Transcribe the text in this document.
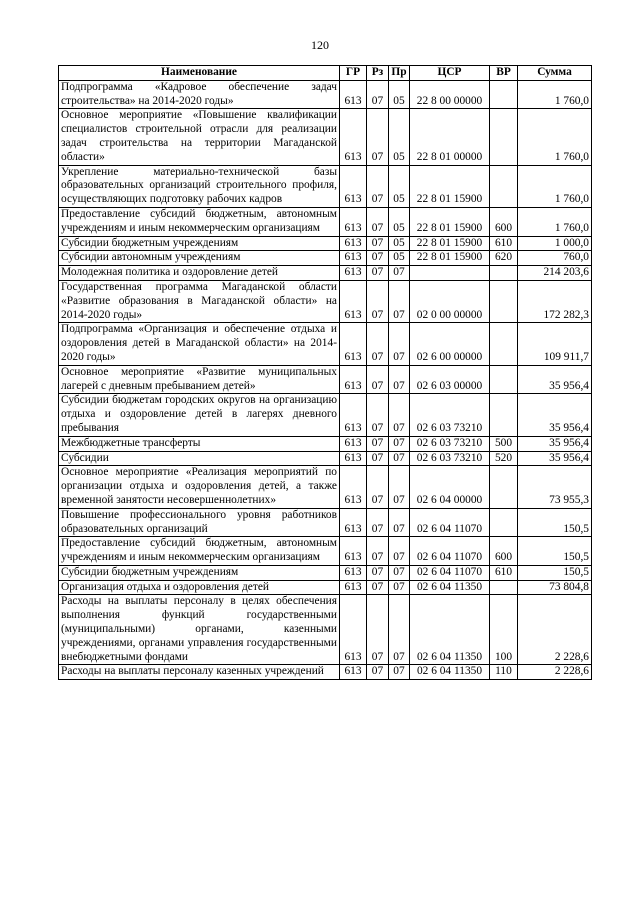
120
Наименование	ГР	Рз	Пр	ЦСР	ВР	Сумма
Подпрограмма «Кадровое обеспечение задач строительства» на 2014-2020 годы»	613	07	05	22 8 00 00000		1 760,0
Основное мероприятие «Повышение квалификации специалистов строительной отрасли для реализации задач строительства на территории Магаданской области»	613	07	05	22 8 01 00000		1 760,0
Укрепление материально-технической базы образовательных организаций строительного профиля, осуществляющих подготовку рабочих кадров	613	07	05	22 8 01 15900		1 760,0
Предоставление субсидий бюджетным, автономным учреждениям и иным некоммерческим организациям	613	07	05	22 8 01 15900	600	1 760,0
Субсидии бюджетным учреждениям	613	07	05	22 8 01 15900	610	1 000,0
Субсидии автономным учреждениям	613	07	05	22 8 01 15900	620	760,0
Молодежная политика и оздоровление детей	613	07	07			214 203,6
Государственная программа Магаданской области «Развитие образования в Магаданской области» на 2014-2020 годы»	613	07	07	02 0 00 00000		172 282,3
Подпрограмма «Организация и обеспечение отдыха и оздоровления детей в Магаданской области» на 2014-2020 годы»	613	07	07	02 6 00 00000		109 911,7
Основное мероприятие «Развитие муниципальных лагерей с дневным пребыванием детей»	613	07	07	02 6 03 00000		35 956,4
Субсидии бюджетам городских округов на организацию отдыха и оздоровление детей в лагерях дневного пребывания	613	07	07	02 6 03 73210		35 956,4
Межбюджетные трансферты	613	07	07	02 6 03 73210	500	35 956,4
Субсидии	613	07	07	02 6 03 73210	520	35 956,4
Основное мероприятие «Реализация мероприятий по организации отдыха и оздоровления детей, а также временной занятости несовершеннолетних»	613	07	07	02 6 04 00000		73 955,3
Повышение профессионального уровня работников образовательных организаций	613	07	07	02 6 04 11070		150,5
Предоставление субсидий бюджетным, автономным учреждениям и иным некоммерческим организациям	613	07	07	02 6 04 11070	600	150,5
Субсидии бюджетным учреждениям	613	07	07	02 6 04 11070	610	150,5
Организация отдыха и оздоровления детей	613	07	07	02 6 04 11350		73 804,8
Расходы на выплаты персоналу в целях обеспечения выполнения функций государственными (муниципальными) органами, казенными учреждениями, органами управления государственными внебюджетными фондами	613	07	07	02 6 04 11350	100	2 228,6
Расходы на выплаты персоналу казенных учреждений	613	07	07	02 6 04 11350	110	2 228,6
